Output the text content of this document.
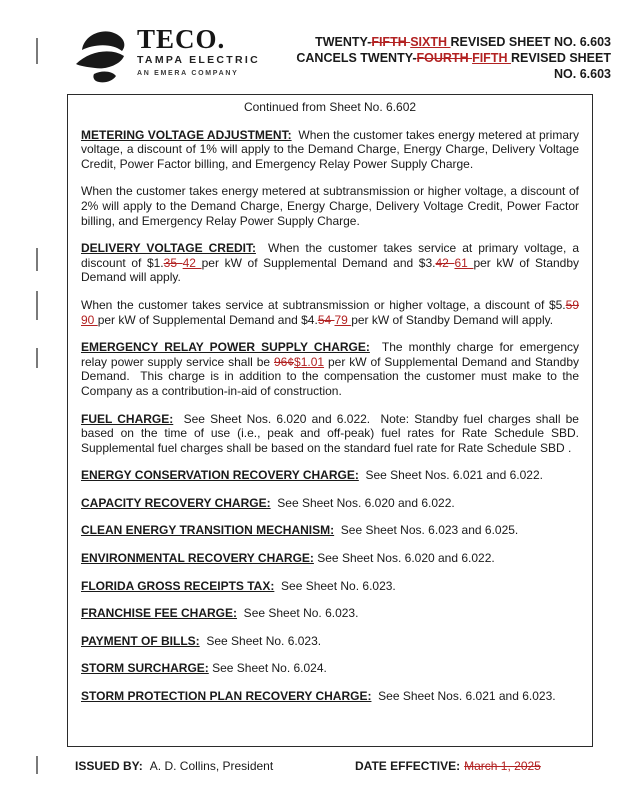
TECO.
TAMPA ELECTRIC
AN EMERA COMPANY
TWENTY-FIFTH SIXTH REVISED SHEET NO. 6.603
CANCELS TWENTY-FOURTH FIFTH REVISED SHEET
NO. 6.603
Continued from Sheet No. 6.602

METERING VOLTAGE ADJUSTMENT:  When the customer takes energy metered at primary voltage, a discount of 1% will apply to the Demand Charge, Energy Charge, Delivery Voltage Credit, Power Factor billing, and Emergency Relay Power Supply Charge.

When the customer takes energy metered at subtransmission or higher voltage, a discount of 2% will apply to the Demand Charge, Energy Charge, Delivery Voltage Credit, Power Factor billing, and Emergency Relay Power Supply Charge.

DELIVERY VOLTAGE CREDIT:  When the customer takes service at primary voltage, a discount of $1.35 42 per kW of Supplemental Demand and $3.42 61 per kW of Standby Demand will apply.

When the customer takes service at subtransmission or higher voltage, a discount of $5.59 90 per kW of Supplemental Demand and $4.54 79 per kW of Standby Demand will apply.

EMERGENCY RELAY POWER SUPPLY CHARGE:  The monthly charge for emergency relay power supply service shall be 96¢$1.01 per kW of Supplemental Demand and Standby Demand.  This charge is in addition to the compensation the customer must make to the Company as a contribution-in-aid of construction.

FUEL CHARGE:  See Sheet Nos. 6.020 and 6.022.  Note: Standby fuel charges shall be based on the time of use (i.e., peak and off-peak) fuel rates for Rate Schedule SBD. Supplemental fuel charges shall be based on the standard fuel rate for Rate Schedule SBD .

ENERGY CONSERVATION RECOVERY CHARGE:  See Sheet Nos. 6.021 and 6.022.

CAPACITY RECOVERY CHARGE:  See Sheet Nos. 6.020 and 6.022.

CLEAN ENERGY TRANSITION MECHANISM:  See Sheet Nos. 6.023 and 6.025.

ENVIRONMENTAL RECOVERY CHARGE: See Sheet Nos. 6.020 and 6.022.

FLORIDA GROSS RECEIPTS TAX:  See Sheet No. 6.023.

FRANCHISE FEE CHARGE:  See Sheet No. 6.023.

PAYMENT OF BILLS:  See Sheet No. 6.023.

STORM SURCHARGE: See Sheet No. 6.024.

STORM PROTECTION PLAN RECOVERY CHARGE:  See Sheet Nos. 6.021 and 6.023.

ISSUED BY: A. D. Collins, President	DATE EFFECTIVE: March 1, 2025
